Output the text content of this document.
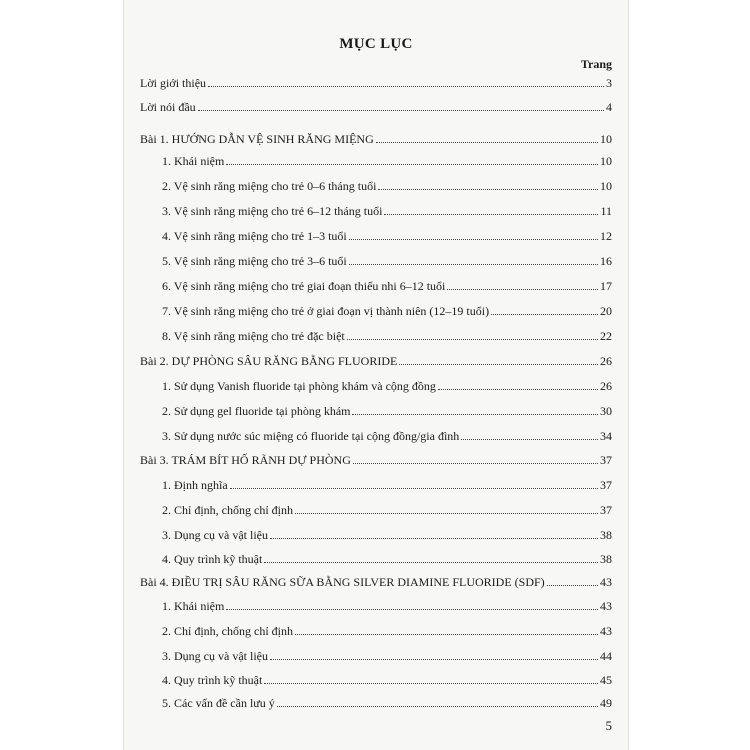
MỤC LỤC
Trang
Lời giới thiệu	3
Lời nói đầu	4
Bài 1. HƯỚNG DẪN VỆ SINH RĂNG MIỆNG	10
1. Khái niệm	10
2. Vệ sinh răng miệng cho trẻ 0–6 tháng tuổi	10
3. Vệ sinh răng miệng cho trẻ 6–12 tháng tuổi	11
4. Vệ sinh răng miệng cho trẻ 1–3 tuổi	12
5. Vệ sinh răng miệng cho trẻ 3–6 tuổi	16
6. Vệ sinh răng miệng cho trẻ giai đoạn thiếu nhi 6–12 tuổi	17
7. Vệ sinh răng miệng cho trẻ ở giai đoạn vị thành niên (12–19 tuổi)	20
8. Vệ sinh răng miệng cho trẻ đặc biệt	22
Bài 2. DỰ PHÒNG SÂU RĂNG BẰNG FLUORIDE	26
1. Sử dụng Vanish fluoride tại phòng khám và cộng đồng	26
2. Sử dụng gel fluoride tại phòng khám	30
3. Sử dụng nước súc miệng có fluoride tại cộng đồng/gia đình	34
Bài 3. TRÁM BÍT HỐ RÃNH DỰ PHÒNG	37
1. Định nghĩa	37
2. Chỉ định, chống chỉ định	37
3. Dụng cụ và vật liệu	38
4. Quy trình kỹ thuật	38
Bài 4. ĐIỀU TRỊ SÂU RĂNG SỮA BẰNG SILVER DIAMINE FLUORIDE (SDF)	43
1. Khái niệm	43
2. Chỉ định, chống chỉ định	43
3. Dụng cụ và vật liệu	44
4. Quy trình kỹ thuật	45
5. Các vấn đề cần lưu ý	49
5
